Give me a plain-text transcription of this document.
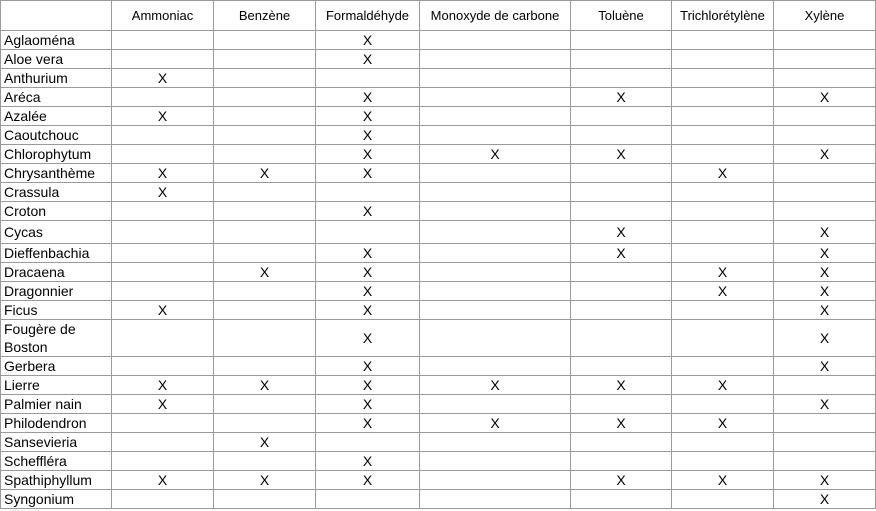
	Ammoniac	Benzène	Formaldéhyde	Monoxyde de carbone	Toluène	Trichlorétylène	Xylène
Aglaoména			X				
Aloe vera			X				
Anthurium	X						
Aréca			X		X		X
Azalée	X		X				
Caoutchouc			X				
Chlorophytum			X	X	X		X
Chrysanthème	X	X	X			X	
Crassula	X						
Croton			X				
Cycas					X		X
Dieffenbachia			X		X		X
Dracaena		X	X			X	X
Dragonnier			X			X	X
Ficus	X		X				X
Fougère de Boston			X				X
Gerbera			X				X
Lierre	X	X	X	X	X	X	
Palmier nain	X		X				X
Philodendron			X	X	X	X	
Sansevieria		X					
Scheffléra			X				
Spathiphyllum	X	X	X		X	X	X
Syngonium							X
